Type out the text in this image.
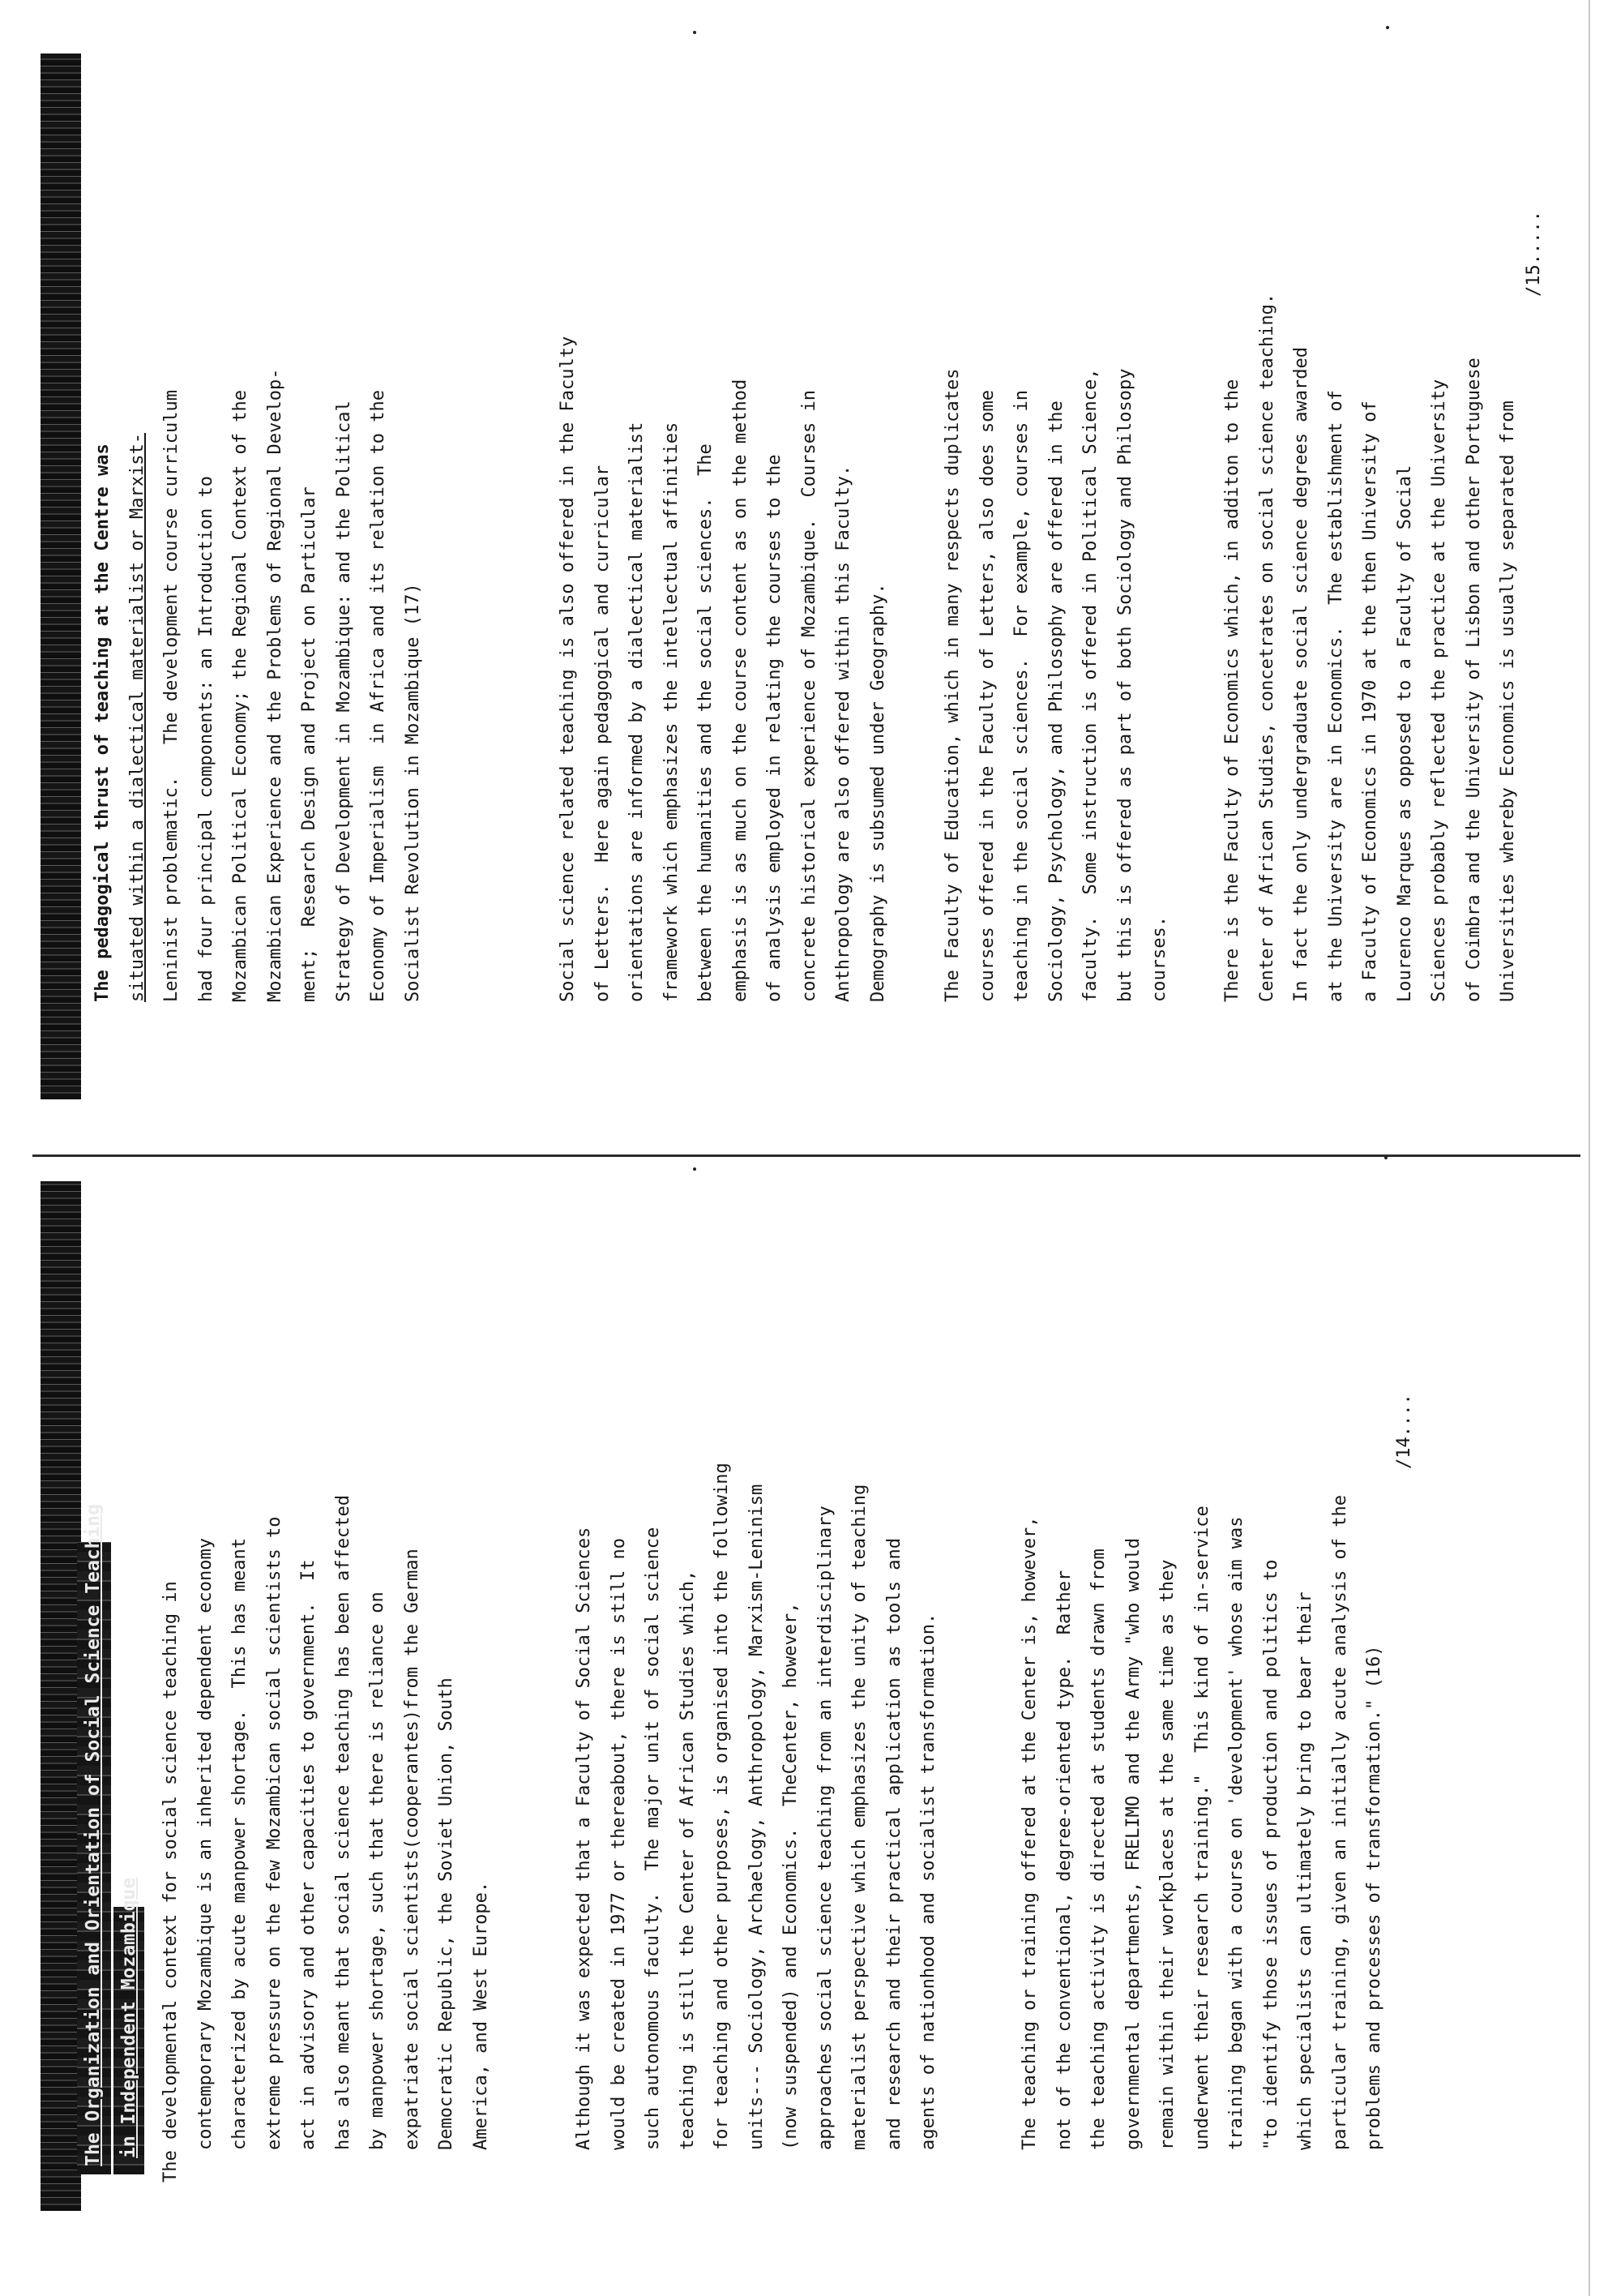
The Organization and Orientation of Social Science Teaching in Independent Mozambique	The developmental context for social science teaching in contemporary Mozambique is an inherited dependent economy characterized by acute manpower shortage.  This has meant extreme pressure on the few Mozambican social scientists to act in advisory and other capacities to government.  It has also meant that social science teaching has been affected by manpower shortage, such that there is reliance on expatriate social scientists(cooperantes)from the German Democratic Republic, the Soviet Union, South America, and West Europe.	Although it was expected that a Faculty of Social Sciences would be created in 1977 or thereabout, there is still no such autonomous faculty.  The major unit of social science teaching is still the Center of African Studies which, for teaching and other purposes, is organised into the following units--- Sociology, Archaelogy, Anthropology, Marxism-Leninism (now suspended) and Economics.  TheCenter, however, approaches social science teaching from an interdisciplinary materialist perspective which emphasizes the unity of teaching and research and their practical application as tools and agents of nationhood and socialist transformation.	The teaching or training offered at the Center is, however, not of the conventional, degree-oriented type.  Rather the teaching activity is directed at students drawn from governmental departments, FRELIMO and the Army "who would remain within their workplaces at the same time as they underwent their research training."  This kind of in-service training began with a course on 'development' whose aim was "to identify those issues of production and politics to which specialists can ultimately bring to bear their particular training, given an initially acute analysis of the problems and processes of transformation." (16)
/14....
The pedagogical thrust of teaching at the Centre was situated within a dialectical materialist or Marxist- Leninist problematic.   The development course curriculum had four principal components: an Introduction to Mozambican Political Economy; the Regional Context of the Mozambican Experience and the Problems of Regional Develop- ment;  Research Design and Project on Particular Strategy of Development in Mozambique: and the Political Economy of Imperialism  in Africa and its relation to the Socialist Revolution in Mozambique (17)	Social science related teaching is also offered in the Faculty of Letters.  Here again pedagogical and curricular orientations are informed by a dialectical materialist framework which emphasizes the intellectual affinities between the humanities and the social sciences.  The emphasis is as much on the course content as on the method of analysis employed in relating the courses to the concrete historical experience of Mozambique.  Courses in Anthropology are also offered within this Faculty. Demography is subsumed under Geography.	The Faculty of Education, which in many respects duplicates courses offered in the Faculty of Letters, also does some teaching in the social sciences.  For example, courses in Sociology, Psychology, and Philosophy are offered in the faculty.  Some instruction is offered in Political Science, but this is offered as part of both Sociology and Philosopy courses.	There is the Faculty of Economics which, in additon to the Center of African Studies, concetrates on social science teaching. In fact the only undergraduate social science degrees awarded at the University are in Economics.  The establishment of a Faculty of Economics in 1970 at the then University of Lourenco Marques as opposed to a Faculty of Social Sciences probably reflected the practice at the University of Coimbra and the University of Lisbon and other Portuguese Universities whereby Economics is usually separated from
/15.....
